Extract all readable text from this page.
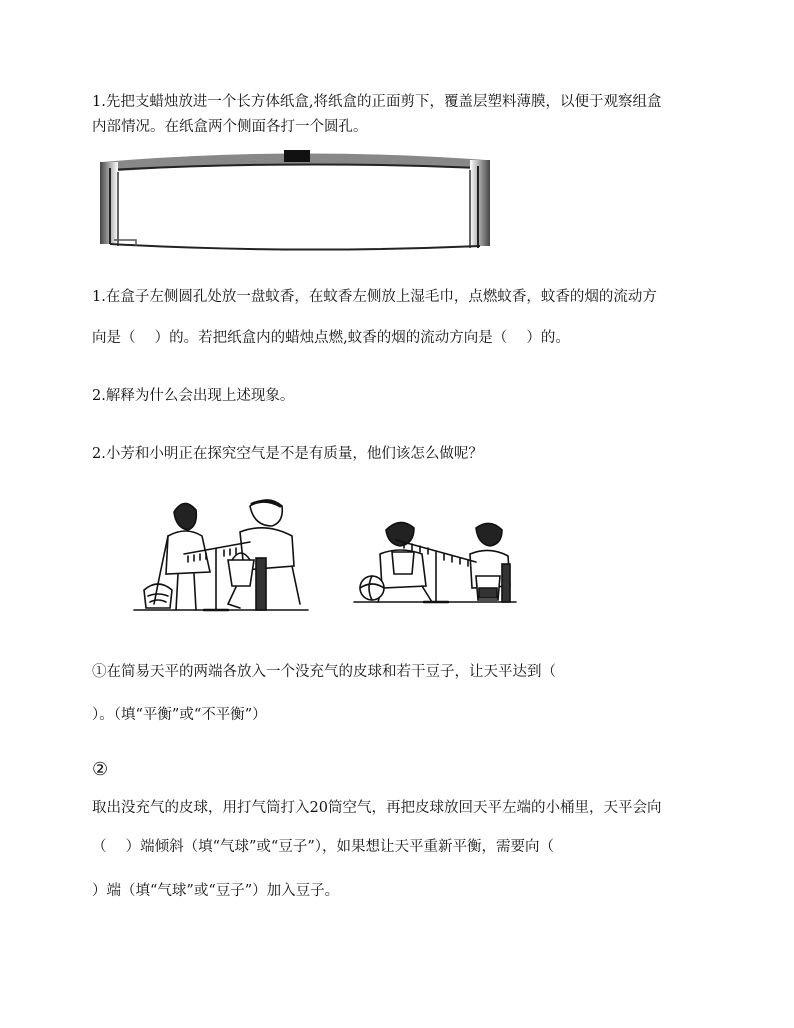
1.先把支蜡烛放进一个长方体纸盒,将纸盒的正面剪下，覆盖层塑料薄膜，以便于观察组盒
内部情况。在纸盒两个侧面各打一个圆孔。
1.在盒子左侧圆孔处放一盘蚊香，在蚊香左侧放上湿毛巾，点燃蚊香，蚊香的烟的流动方
向是（　 ）的。若把纸盒内的蜡烛点燃,蚊香的烟的流动方向是（　 ）的。
2.解释为什么会出现上述现象。
2.小芳和小明正在探究空气是不是有质量，他们该怎么做呢？
①在简易天平的两端各放入一个没充气的皮球和若干豆子，让天平达到（
）。（填“平衡”或“不平衡”）
②
取出没充气的皮球，用打气筒打入20筒空气，再把皮球放回天平左端的小桶里，天平会向
（　 ）端倾斜（填“气球”或“豆子”），如果想让天平重新平衡，需要向（
）端（填“气球”或“豆子”）加入豆子。
